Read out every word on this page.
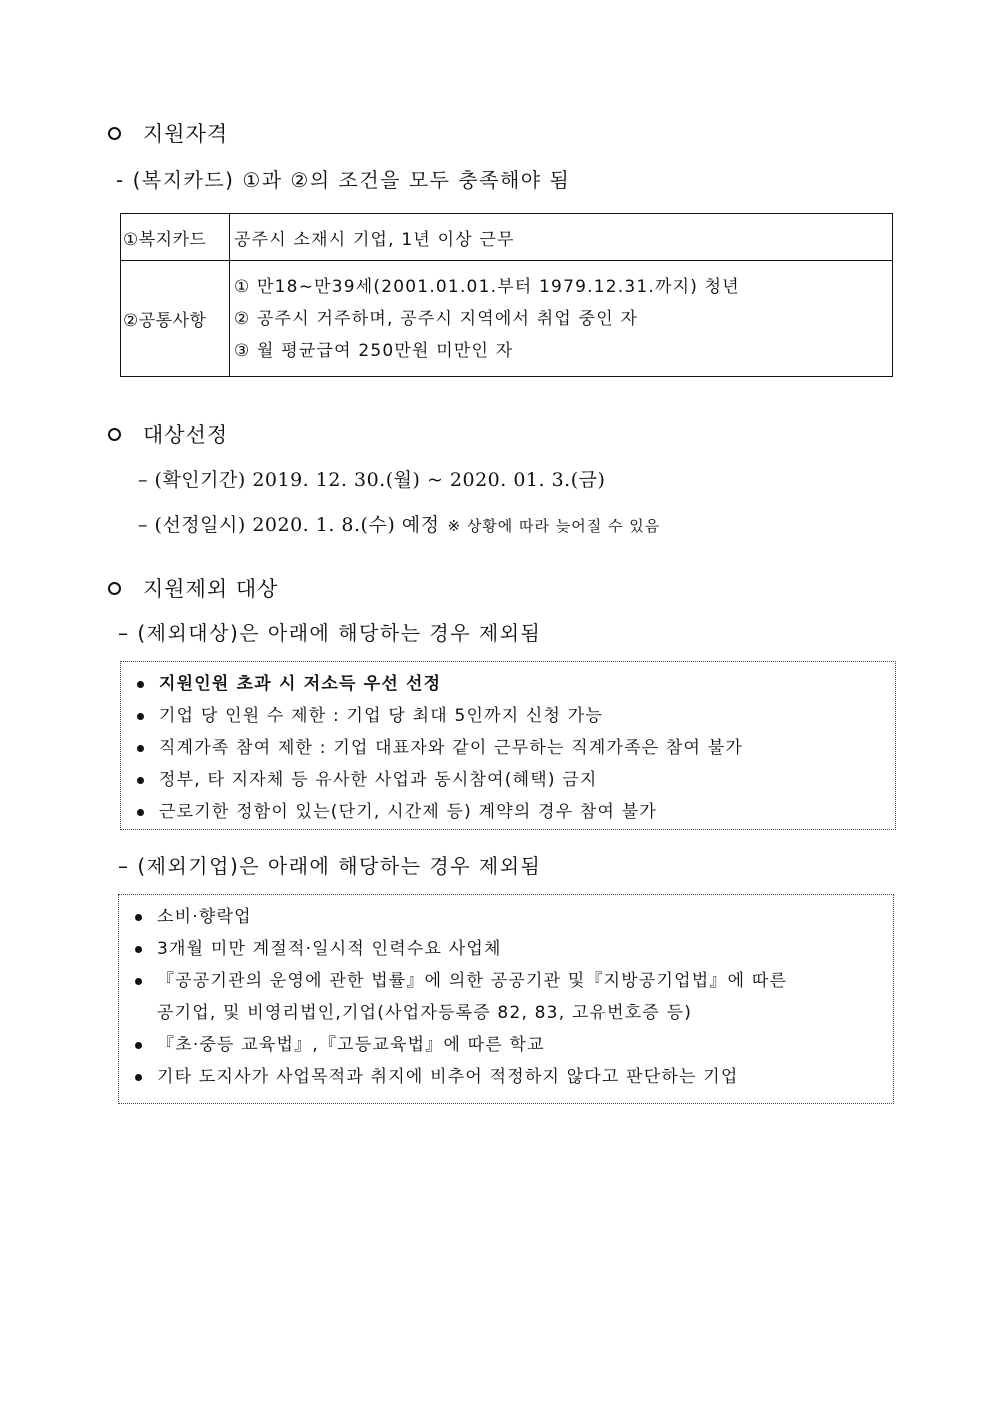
지원자격
- (복지카드) ①과 ②의 조건을 모두 충족해야 됨
①복지카드	공주시 소재시 기업, 1년 이상 근무
②공통사항	① 만18∼만39세(2001.01.01.부터 1979.12.31.까지) 청년
② 공주시 거주하며, 공주시 지역에서 취업 중인 자
③ 월 평균급여 250만원 미만인 자
대상선정
– (확인기간) 2019. 12. 30.(월) ~ 2020. 01. 3.(금)
– (선정일시) 2020. 1. 8.(수) 예정 ※ 상황에 따라 늦어질 수 있음
지원제외 대상
– (제외대상)은 아래에 해당하는 경우 제외됨
지원인원 초과 시 저소득 우선 선정
기업 당 인원 수 제한 : 기업 당 최대 5인까지 신청 가능
직계가족 참여 제한 : 기업 대표자와 같이 근무하는 직계가족은 참여 불가
정부, 타 지자체 등 유사한 사업과 동시참여(혜택) 금지
근로기한 정함이 있는(단기, 시간제 등) 계약의 경우 참여 불가
– (제외기업)은 아래에 해당하는 경우 제외됨
소비·향락업
3개월 미만 계절적·일시적 인력수요 사업체
『공공기관의 운영에 관한 법률』에 의한 공공기관 및『지방공기업법』에 따른
공기업, 및 비영리법인,기업(사업자등록증 82, 83, 고유번호증 등)
『초·중등 교육법』,『고등교육법』에 따른 학교
기타 도지사가 사업목적과 취지에 비추어 적정하지 않다고 판단하는 기업
